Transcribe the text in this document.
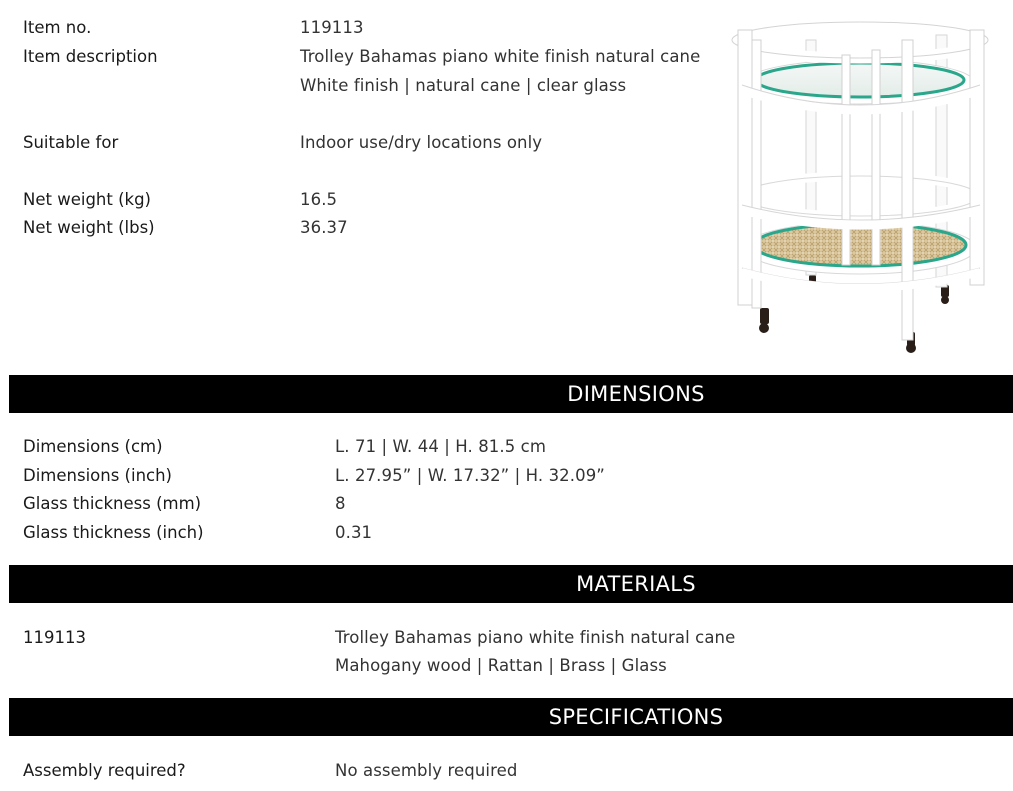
Item no.	119113
Item description	Trolley Bahamas piano white finish natural cane
White finish | natural cane | clear glass
Suitable for	Indoor use/dry locations only
Net weight (kg)	16.5
Net weight (lbs)	36.37
DIMENSIONS
Dimensions (cm)	L. 71 | W. 44 | H. 81.5 cm
Dimensions (inch)	L. 27.95” | W. 17.32” | H. 32.09”
Glass thickness (mm)	8
Glass thickness (inch)	0.31
MATERIALS
119113	Trolley Bahamas piano white finish natural cane
Mahogany wood | Rattan | Brass | Glass
SPECIFICATIONS
Assembly required?	No assembly required
